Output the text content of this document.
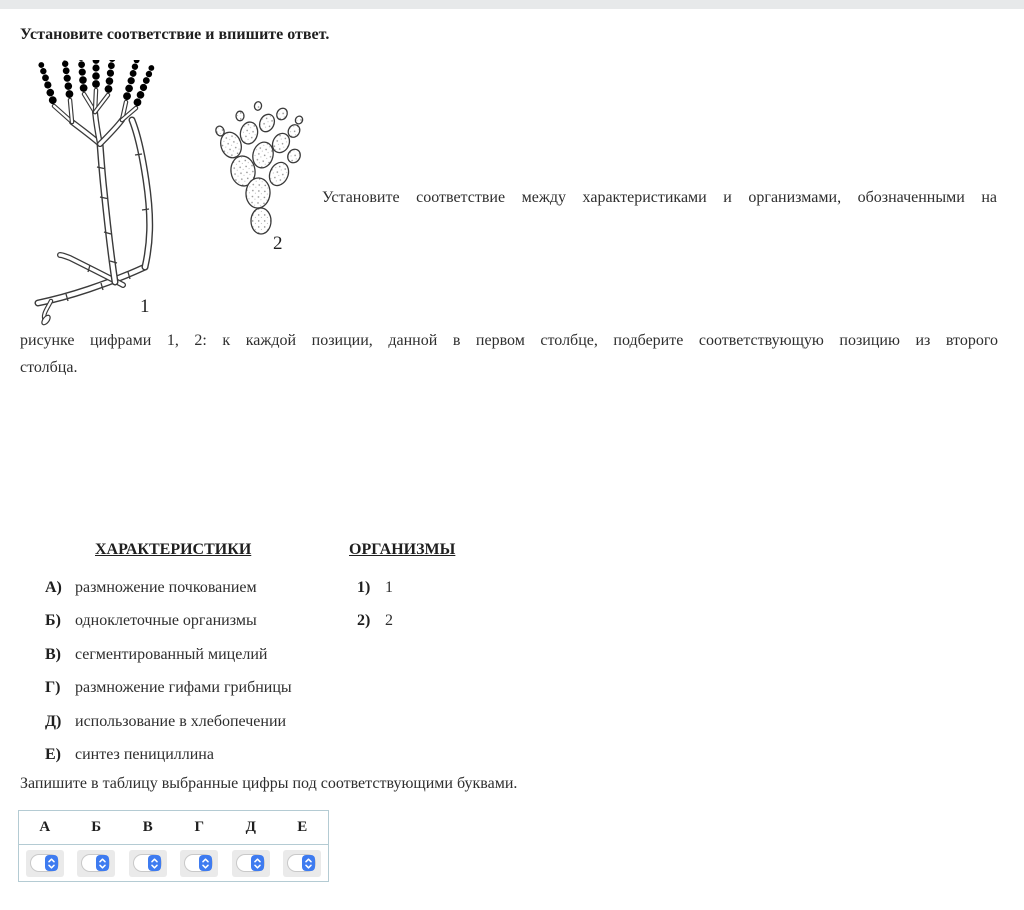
Установите соответствие и впишите ответ.
1
2
Установите соответствие между характеристиками и организмами, обозначенными на
рисунке цифрами 1, 2: к каждой позиции, данной в первом столбце, подберите соответствующую позицию из второго
столбца.
ХАРАКТЕРИСТИКИ	ОРГАНИЗМЫ
А) размножение почкованием
Б) одноклеточные организмы
В) сегментированный мицелий
Г) размножение гифами грибницы
Д) использование в хлебопечении
Е) синтез пенициллина
1) 1
2) 2
Запишите в таблицу выбранные цифры под соответствующими буквами.
А	Б	В	Г	Д	Е
